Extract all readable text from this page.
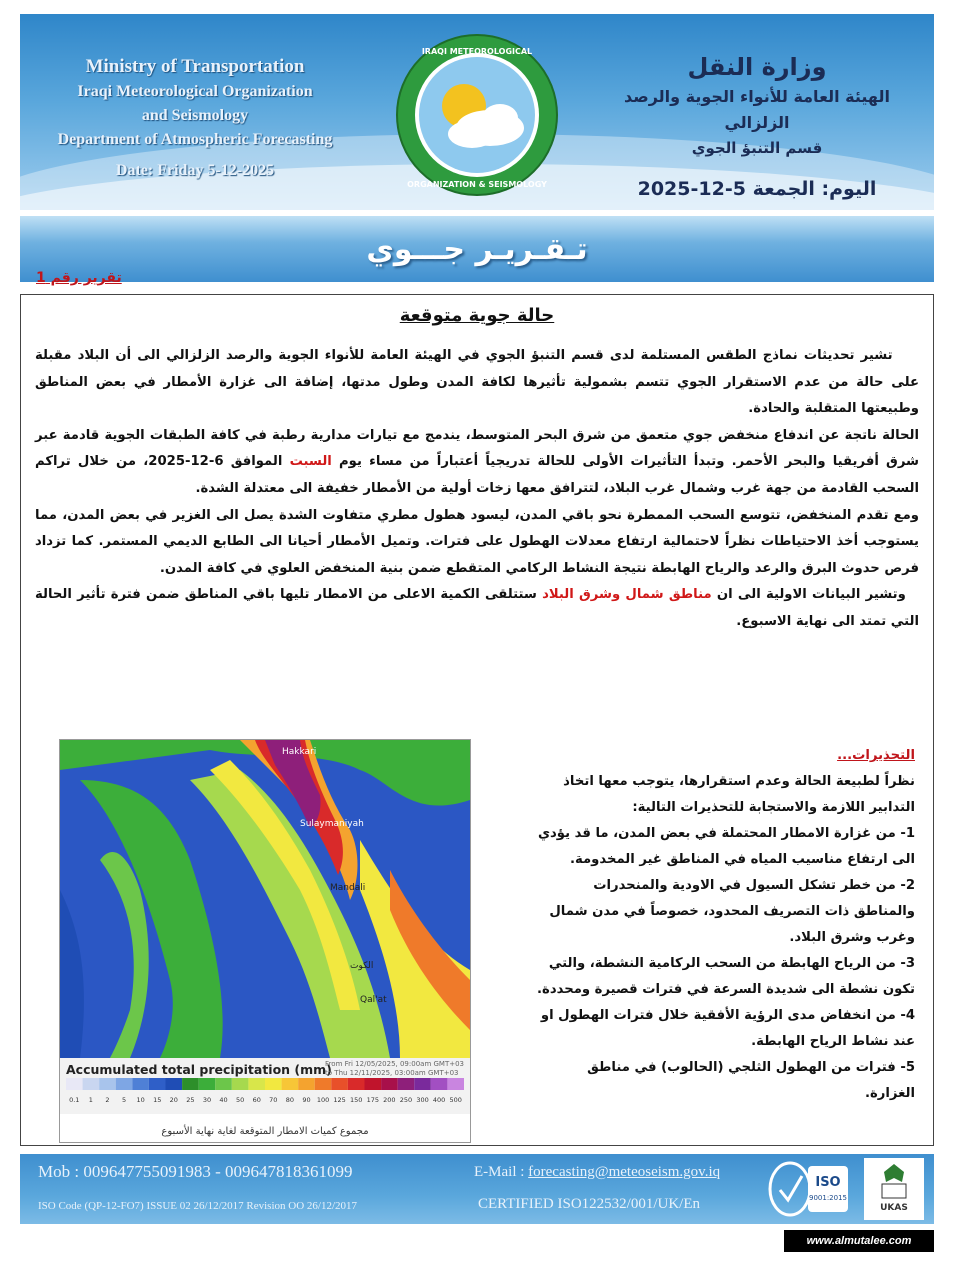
Ministry of Transportation
Iraqi Meteorological Organization
and Seismology
Department of Atmospheric Forecasting
Date: Friday 5-12-2025
IRAQI METEOROLOGICAL
ORGANIZATION & SEISMOLOGY
وزارة النقل
الهيئة العامة للأنواء الجوية والرصد الزلزالي
قسم التنبؤ الجوي
اليوم: الجمعة 5-12-2025
تـقـريـر جـــوي
تقرير رقم 1
حالة جوية متوقعة

  تشير تحديثات نماذج الطقس المستلمة لدى قسم التنبؤ الجوي في الهيئة العامة للأنواء الجوية والرصد الزلزالي الى أن البلاد مقبلة على حالة من عدم الاستقرار الجوي تتسم بشمولية تأثيرها لكافة المدن وطول مدتها، إضافة الى غزارة الأمطار في بعض المناطق وطبيعتها المتقلبة والحادة.

الحالة ناتجة عن اندفاع منخفض جوي متعمق من شرق البحر المتوسط، يندمج مع تيارات مدارية رطبة في كافة الطبقات الجوية قادمة عبر شرق أفريقيا والبحر الأحمر. وتبدأ التأثيرات الأولى للحالة تدريجياً أعتباراً من مساء يوم السبت الموافق 6-12-2025، من خلال تراكم السحب القادمة من جهة غرب وشمال غرب البلاد، لتترافق معها زخات أولية من الأمطار خفيفة الى معتدلة الشدة.

ومع تقدم المنخفض، تتوسع السحب الممطرة نحو باقي المدن، ليسود هطول مطري متفاوت الشدة يصل الى الغزير في بعض المدن، مما يستوجب أخذ الاحتياطات نظراً لاحتمالية ارتفاع معدلات الهطول على فترات. وتميل الأمطار أحيانا الى الطابع الديمي المستمر. كما تزداد فرص حدوث البرق والرعد والرياح الهابطة نتيجة النشاط الركامي المتقطع ضمن بنية المنخفض العلوي في كافة المدن.

 وتشير البيانات الاولية الى ان مناطق شمال وشرق البلاد ستتلقى الكمية الاعلى من الامطار تليها باقي المناطق ضمن فترة تأثير الحالة التي تمتد الى نهاية الاسبوع.

Hakkari
Sulaymaniyah
Mandali
الكوت
Qal'at
Accumulated total precipitation (mm)
From Fri 12/05/2025, 09:00am GMT+03
to Thu 12/11/2025, 03:00am GMT+03
0.1 1 2 5 10 15 20 25 30 40 50 60 70 80 90 100 125 150 175 200 250 300 400 500
مجموع كميات الامطار المتوقعة لغاية نهاية الأسبوع

التحذيرات...

نظراً لطبيعة الحالة وعدم استقرارها، يتوجب معها اتخاذ التدابير اللازمة والاستجابة للتحذيرات التالية:

1- من غزارة الامطار المحتملة في بعض المدن، ما قد يؤدي الى ارتفاع مناسيب المياه في المناطق غير المخدومة.

2- من خطر تشكل السيول في الاودية والمنحدرات والمناطق ذات التصريف المحدود، خصوصاً في مدن شمال وغرب وشرق البلاد.

3- من الرياح الهابطة من السحب الركامية النشطة، والتي تكون نشطة الى شديدة السرعة في فترات قصيرة ومحددة.

4- من انخفاض مدى الرؤية الأفقية خلال فترات الهطول او عند نشاط الرياح الهابطة.

5- فترات من الهطول الثلجي (الحالوب) في مناطق الغزارة.

Mob : 009647755091983 - 009647818361099	E-Mail : forecasting@meteoseism.gov.iq
ISO Code (QP-12-FO7) ISSUE 02 26/12/2017 Revision OO 26/12/2017	CERTIFIED ISO122532/001/UK/En
ISO
9001:2015
UKAS
www.almutalee.com
